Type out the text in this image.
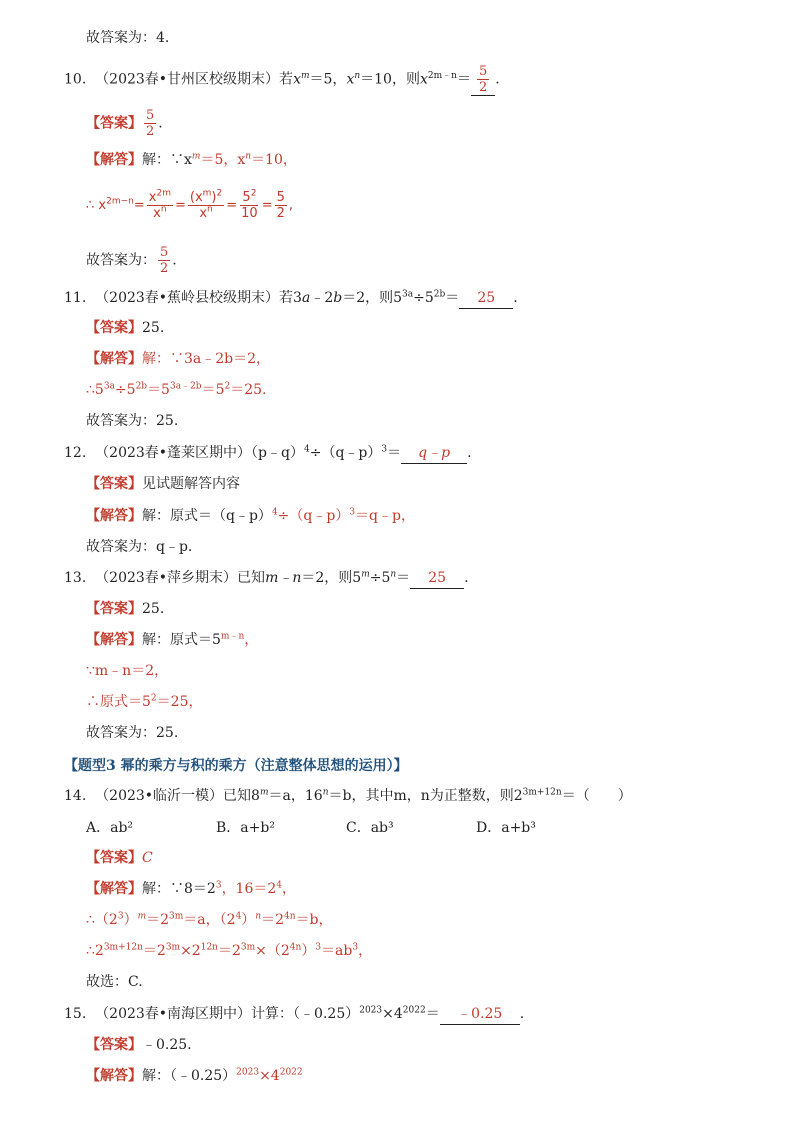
故答案为：4.
10. （2023春•甘州区校级期末）若$x^m=5$，$x^n=10$，则$x^{2m﹣n}= \frac{5}{2}$ .
【答案】 $\frac{5}{2}$ .
【解答】解：$\because x^m=5$，$x^n=10$，
∴ $x^{2m-n}= \frac{x^{2m}}{x^n} = \frac{(x^m)^2}{x^n} = \frac{5^2}{10} = \frac{5}{2}$ ,
故答案为： $\frac{5}{2}$ .
11. （2023春•蕉岭县校级期末）若3a﹣2b＝2，则$5^{3a}\div 5^{2b}= 25$ .
【答案】25.
【解答】解：∵3a﹣2b＝2，
$\therefore 5^{3a}\div 5^{2b}=5^{3a﹣2b}=5^2=25$.
故答案为：25.
12. （2023春•蓬莱区期中）（p﹣q）$^4$÷（q﹣p）$^3$＝ q﹣p .
【答案】见试题解答内容
【解答】解：原式＝（q﹣p）$^4$÷（q﹣p）$^3$＝q﹣p，
故答案为：q﹣p.
13. （2023春•萍乡期末）已知m﹣n＝2，则$5^m\div 5^n= 25$ .
【答案】25.
【解答】解：原式$=5^{m﹣n}$，
∵m﹣n＝2，
∴原式$=5^2=25$，
故答案为：25.
【题型3 幂的乘方与积的乘方（注意整体思想的运用）】
14. （2023•临沂一模）已知$8^m=a$，$16^n=b$，其中m，n为正整数，则$2^{3m+12n}=$（　　）
A．ab²	B．a+b²	C．ab³	D．a+b³
【答案】C
【解答】解：$\because 8=2^3$，$16=2^4$，
$\therefore(2^3)^m=2^{3m}=a$，$(2^4)^n=2^{4n}=b$，
$\therefore 2^{3m+12n}=2^{3m}\times 2^{12n}=2^{3m}\times(2^{4n})^3=ab^3$，
故选：C.
15. （2023春•南海区期中）计算：$(﹣0.25)^{2023}\times 4^{2022}=$ ﹣0.25 .
【答案】﹣0.25.
【解答】解：$(﹣0.25)^{2023}\times 4^{2022}$
